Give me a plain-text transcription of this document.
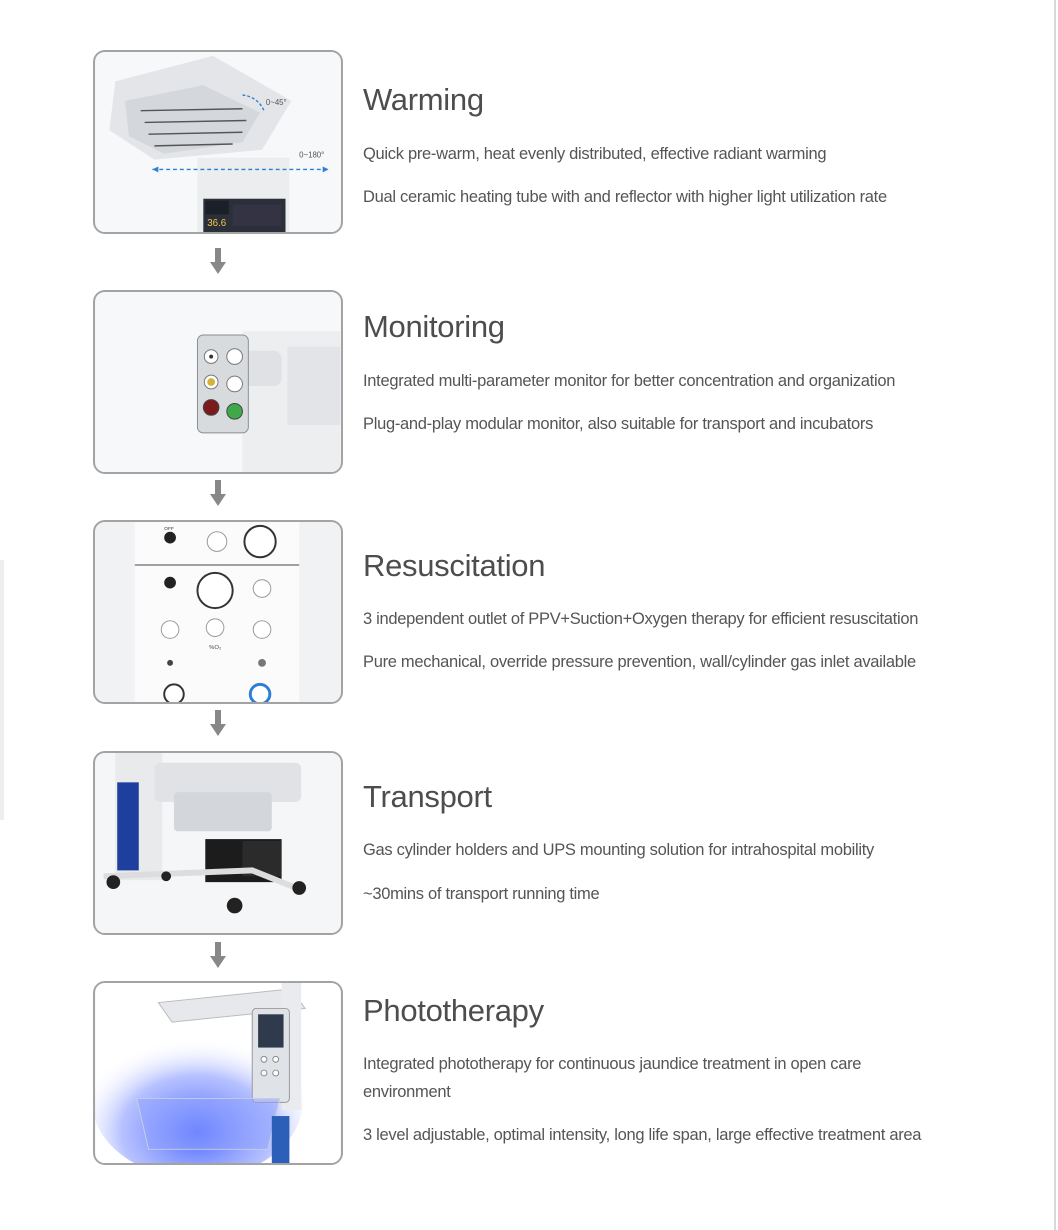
36.6
0~45°
0~180°
Warming

Quick pre-warm, heat evenly distributed, effective radiant warming

Dual ceramic heating tube with and reflector with higher light utilization rate

Monitoring

Integrated multi-parameter monitor for better concentration and organization

Plug-and-play modular monitor, also suitable for transport and incubators

OFF
%O₂
Resuscitation

3 independent outlet of PPV+Suction+Oxygen therapy for efficient resuscitation

Pure mechanical, override pressure prevention, wall/cylinder gas inlet available

Transport

Gas cylinder holders and UPS mounting solution for intrahospital mobility

~30mins of transport running time

Phototherapy

Integrated phototherapy for continuous jaundice treatment in open care environment

3 level adjustable, optimal intensity, long life span, large effective treatment area
